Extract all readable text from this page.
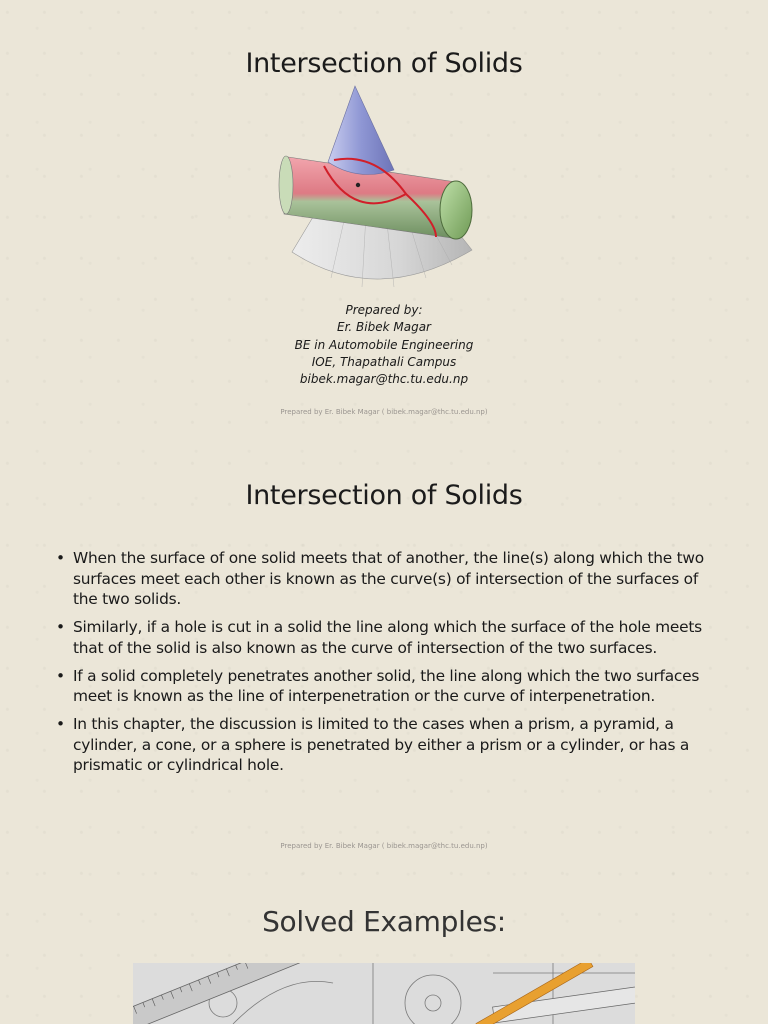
Intersection of Solids
Prepared by:
Er. Bibek Magar
BE in Automobile Engineering
IOE, Thapathali Campus
bibek.magar@thc.tu.edu.np
Prepared by Er. Bibek Magar ( bibek.magar@thc.tu.edu.np)
Intersection of Solids
• When the surface of one solid meets that of another, the line(s) along which the two surfaces meet each other is known as the curve(s) of intersection of the surfaces of the two solids.
• Similarly, if a hole is cut in a solid the line along which the surface of the hole meets that of the solid is also known as the curve of intersection of the two surfaces.
• If a solid completely penetrates another solid, the line along which the two surfaces meet is known as the line of interpenetration or the curve of interpenetration.
• In this chapter, the discussion is limited to the cases when a prism, a pyramid, a cylinder, a cone, or a sphere is penetrated by either a prism or a cylinder, or has a prismatic or cylindrical hole.
Prepared by Er. Bibek Magar ( bibek.magar@thc.tu.edu.np)
Solved Examples:
